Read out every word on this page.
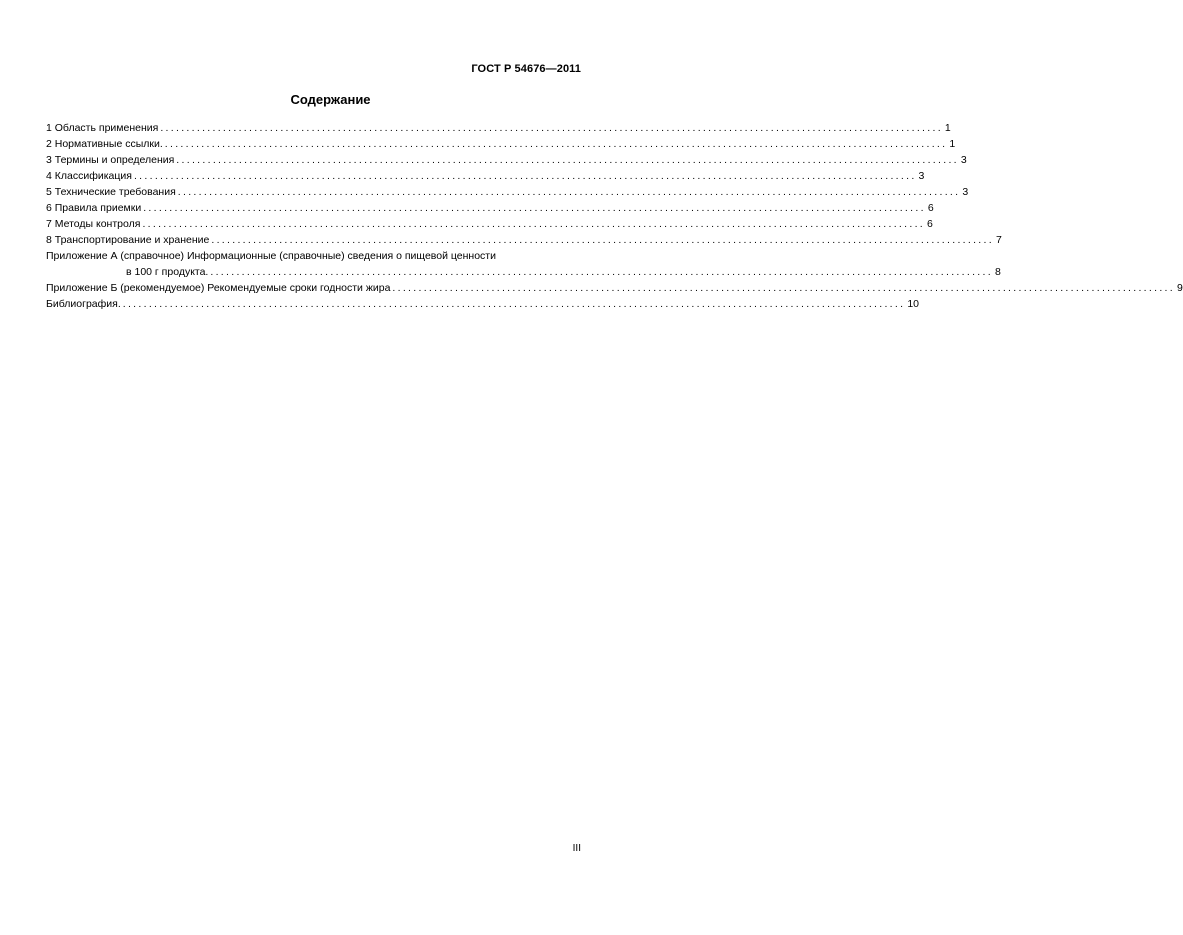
ГОСТ Р 54676—2011
Содержание
1 Область применения ...................................................................................................................................................... 1
2 Нормативные ссылки. ...................................................................................................................................................... 1
3 Термины и определения ...................................................................................................................................................... 3
4 Классификация ...................................................................................................................................................... 3
5 Технические требования ...................................................................................................................................................... 3
6 Правила приемки ...................................................................................................................................................... 6
7 Методы контроля ...................................................................................................................................................... 6
8 Транспортирование и хранение ...................................................................................................................................................... 7
Приложение А (справочное) Информационные (справочные) сведения о пищевой ценности
в 100 г продукта. ...................................................................................................................................................... 8
Приложение Б (рекомендуемое) Рекомендуемые сроки годности жира ...................................................................................................................................................... 9
Библиография. ...................................................................................................................................................... 10
III
